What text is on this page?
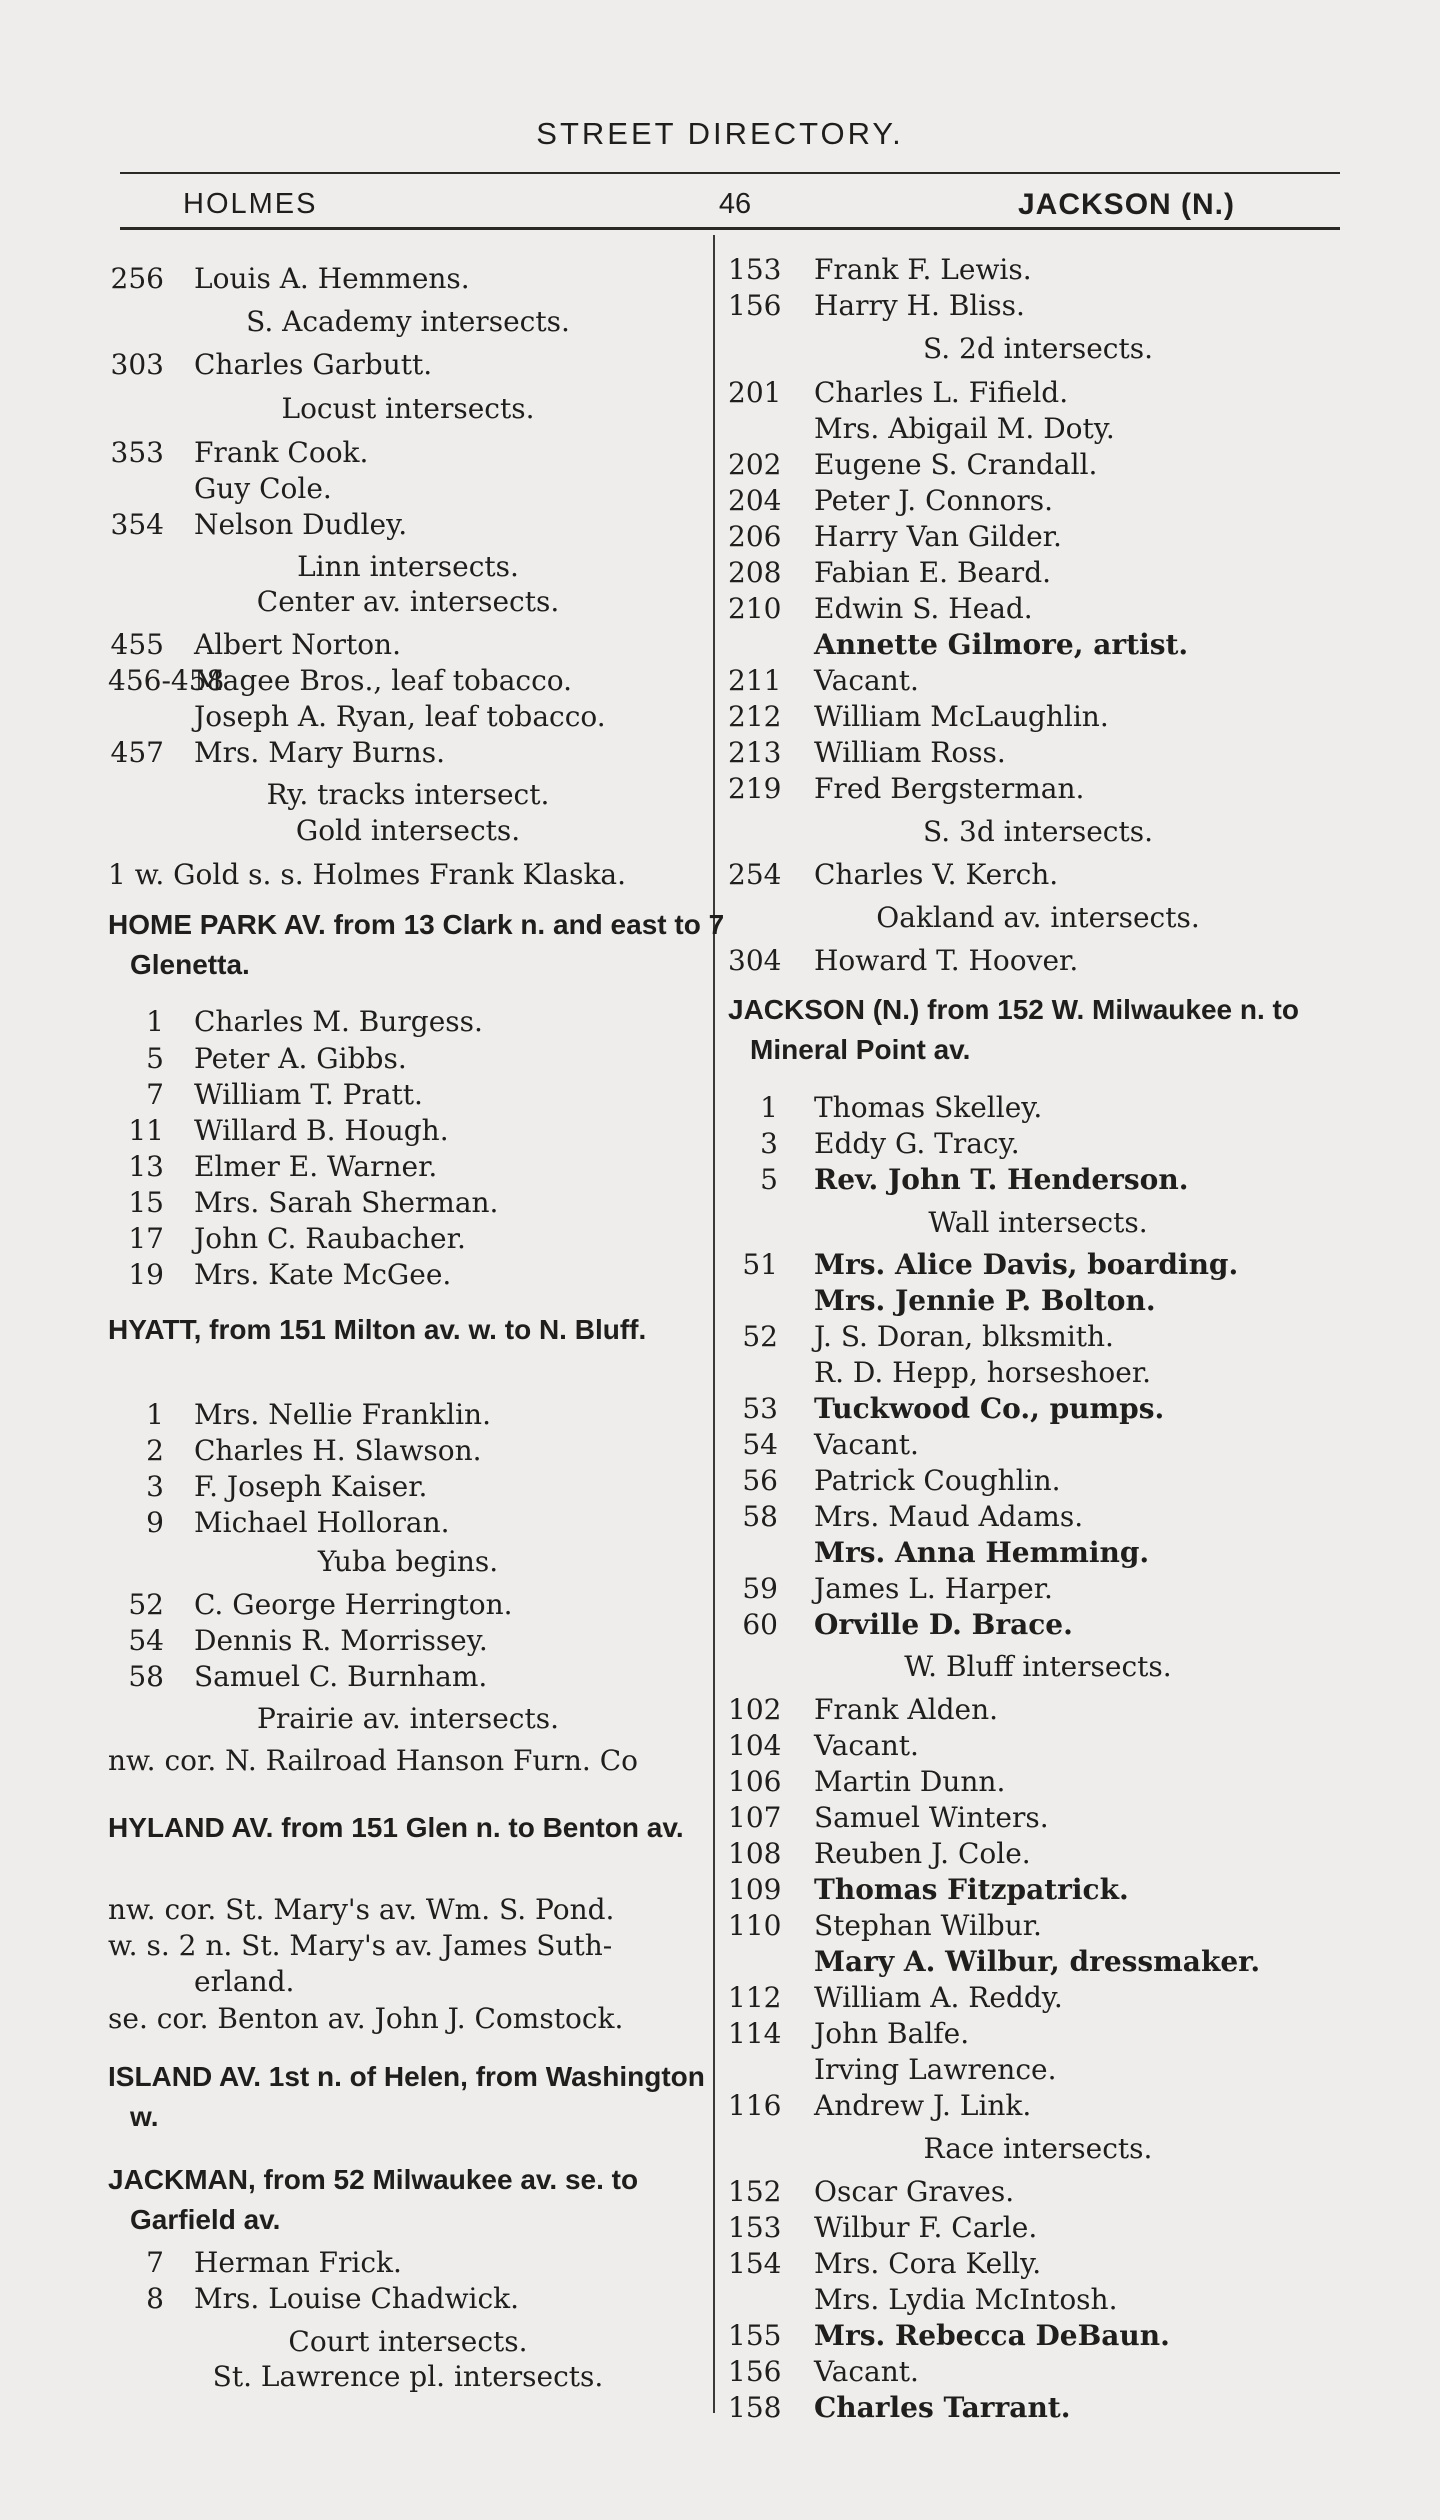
STREET DIRECTORY.
HOLMES	46	JACKSON (N.)
256 Louis A. Hemmens.
S. Academy intersects.
303 Charles Garbutt.
Locust intersects.
353 Frank Cook.
Guy Cole.
354 Nelson Dudley.
Linn intersects.
Center av. intersects.
455 Albert Norton.
456-458
Magee Bros., leaf tobacco.
Joseph A. Ryan, leaf tobacco.
457 Mrs. Mary Burns.
Ry. tracks intersect.
Gold intersects.
1 w. Gold s. s. Holmes Frank Klaska.
HOME PARK AV. from 13 Clark n. and east to 7 Glenetta.
1 Charles M. Burgess.
5 Peter A. Gibbs.
7 William T. Pratt.
11 Willard B. Hough.
13 Elmer E. Warner.
15 Mrs. Sarah Sherman.
17 John C. Raubacher.
19 Mrs. Kate McGee.
HYATT, from 151 Milton av. w. to N. Bluff.
1 Mrs. Nellie Franklin.
2 Charles H. Slawson.
3 F. Joseph Kaiser.
9 Michael Holloran.
Yuba begins.
52 C. George Herrington.
54 Dennis R. Morrissey.
58 Samuel C. Burnham.
Prairie av. intersects.
nw. cor. N. Railroad Hanson Furn. Co
HYLAND AV. from 151 Glen n. to Benton av.
nw. cor. St. Mary's av. Wm. S. Pond.
w. s. 2 n. St. Mary's av. James Suth-
erland.
se. cor. Benton av. John J. Comstock.
ISLAND AV. 1st n. of Helen, from Washington w.
JACKMAN, from 52 Milwaukee av. se. to Garfield av.
7 Herman Frick.
8 Mrs. Louise Chadwick.
Court intersects.
St. Lawrence pl. intersects.
153 Frank F. Lewis.
156 Harry H. Bliss.
S. 2d intersects.
201 Charles L. Fifield.
Mrs. Abigail M. Doty.
202 Eugene S. Crandall.
204 Peter J. Connors.
206 Harry Van Gilder.
208 Fabian E. Beard.
210 Edwin S. Head.
Annette Gilmore, artist.
211 Vacant.
212 William McLaughlin.
213 William Ross.
219 Fred Bergsterman.
S. 3d intersects.
254 Charles V. Kerch.
Oakland av. intersects.
304 Howard T. Hoover.
JACKSON (N.) from 152 W. Milwaukee n. to Mineral Point av.
1 Thomas Skelley.
3 Eddy G. Tracy.
5 Rev. John T. Henderson.
Wall intersects.
51 Mrs. Alice Davis, boarding.
Mrs. Jennie P. Bolton.
52 J. S. Doran, blksmith.
R. D. Hepp, horseshoer.
53 Tuckwood Co., pumps.
54 Vacant.
56 Patrick Coughlin.
58 Mrs. Maud Adams.
Mrs. Anna Hemming.
59 James L. Harper.
60 Orville D. Brace.
W. Bluff intersects.
102 Frank Alden.
104 Vacant.
106 Martin Dunn.
107 Samuel Winters.
108 Reuben J. Cole.
109 Thomas Fitzpatrick.
110 Stephan Wilbur.
Mary A. Wilbur, dressmaker.
112 William A. Reddy.
114 John Balfe.
Irving Lawrence.
116 Andrew J. Link.
Race intersects.
152 Oscar Graves.
153 Wilbur F. Carle.
154 Mrs. Cora Kelly.
Mrs. Lydia McIntosh.
155 Mrs. Rebecca DeBaun.
156 Vacant.
158 Charles Tarrant.
